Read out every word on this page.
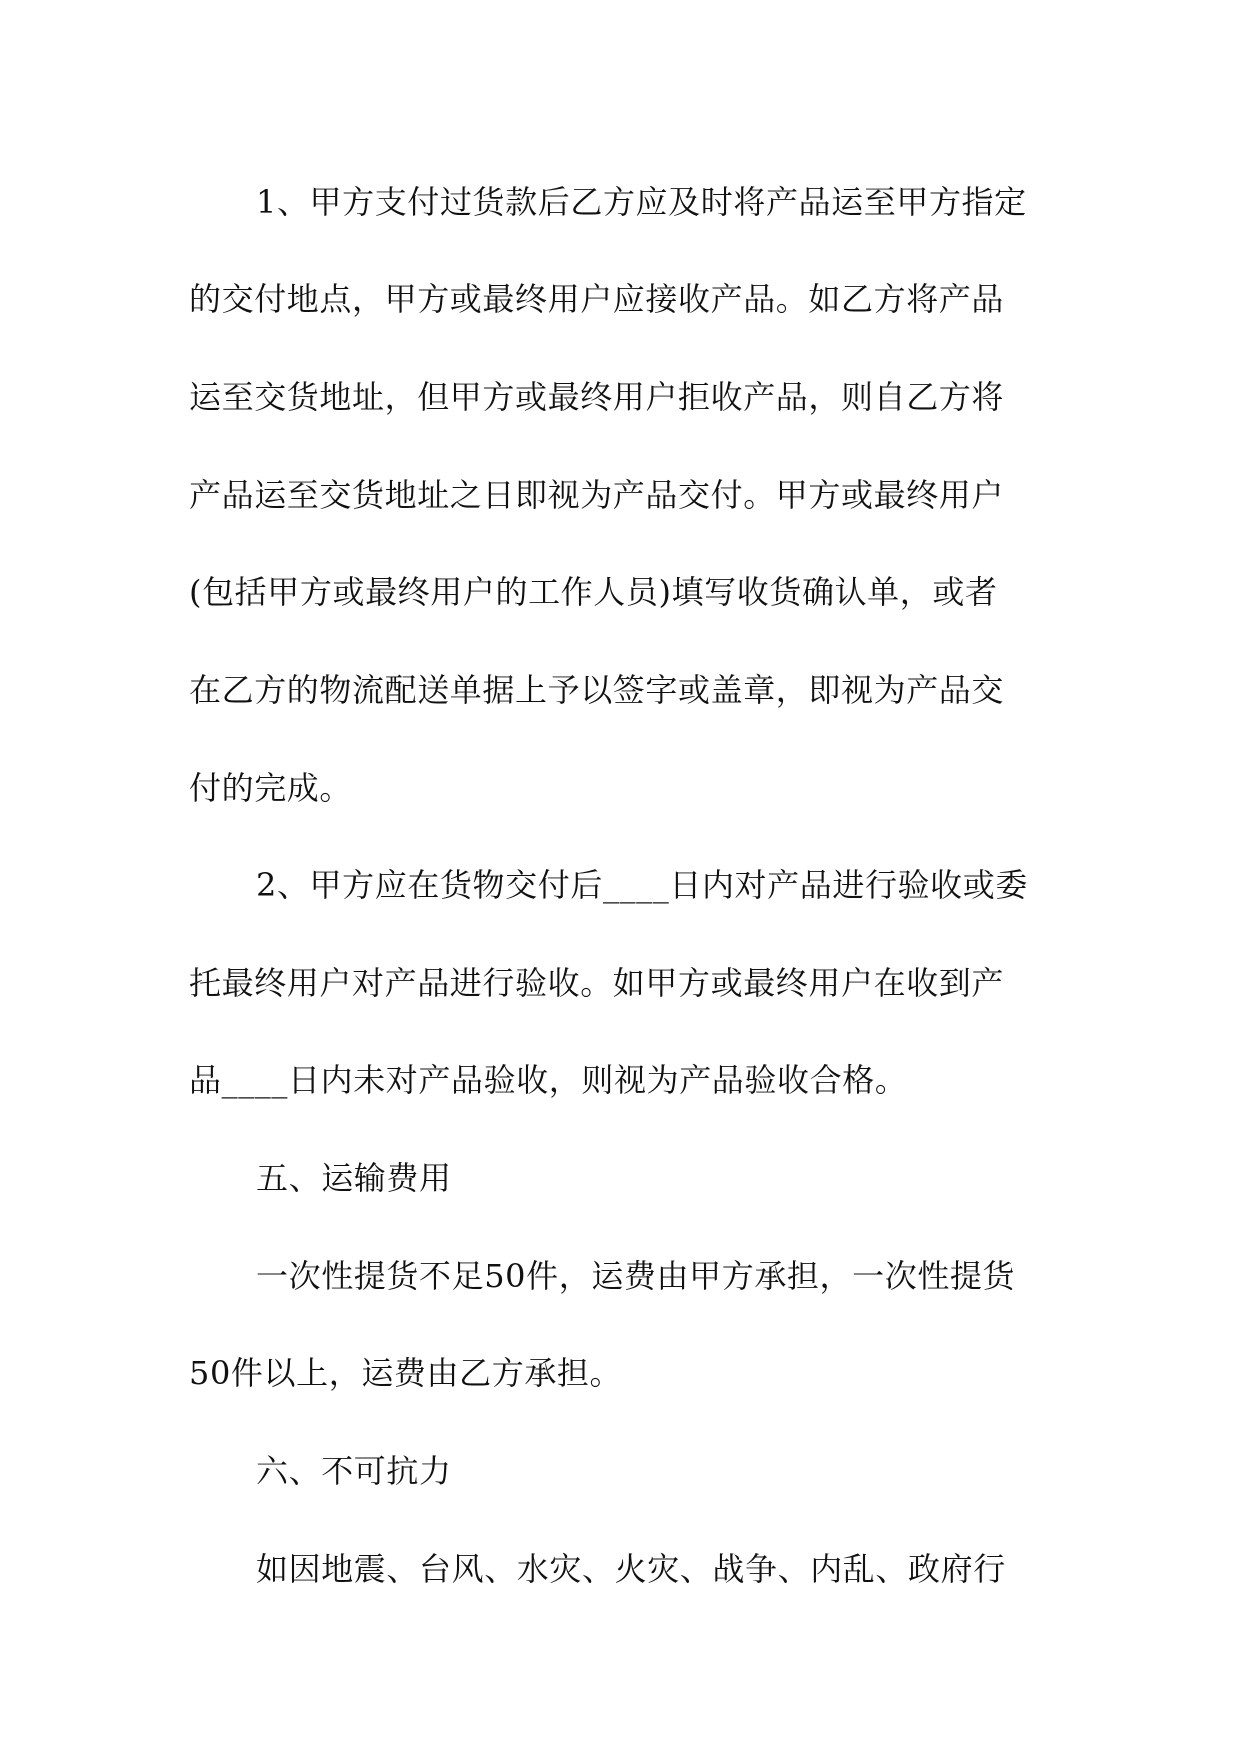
1、甲方支付过货款后乙方应及时将产品运至甲方指定
的交付地点，甲方或最终用户应接收产品。如乙方将产品
运至交货地址，但甲方或最终用户拒收产品，则自乙方将
产品运至交货地址之日即视为产品交付。甲方或最终用户
(包括甲方或最终用户的工作人员)填写收货确认单，或者
在乙方的物流配送单据上予以签字或盖章，即视为产品交
付的完成。
2、甲方应在货物交付后____日内对产品进行验收或委
托最终用户对产品进行验收。如甲方或最终用户在收到产
品____日内未对产品验收，则视为产品验收合格。
五、运输费用
一次性提货不足50件，运费由甲方承担，一次性提货
50件以上，运费由乙方承担。
六、不可抗力
如因地震、台风、水灾、火灾、战争、内乱、政府行
